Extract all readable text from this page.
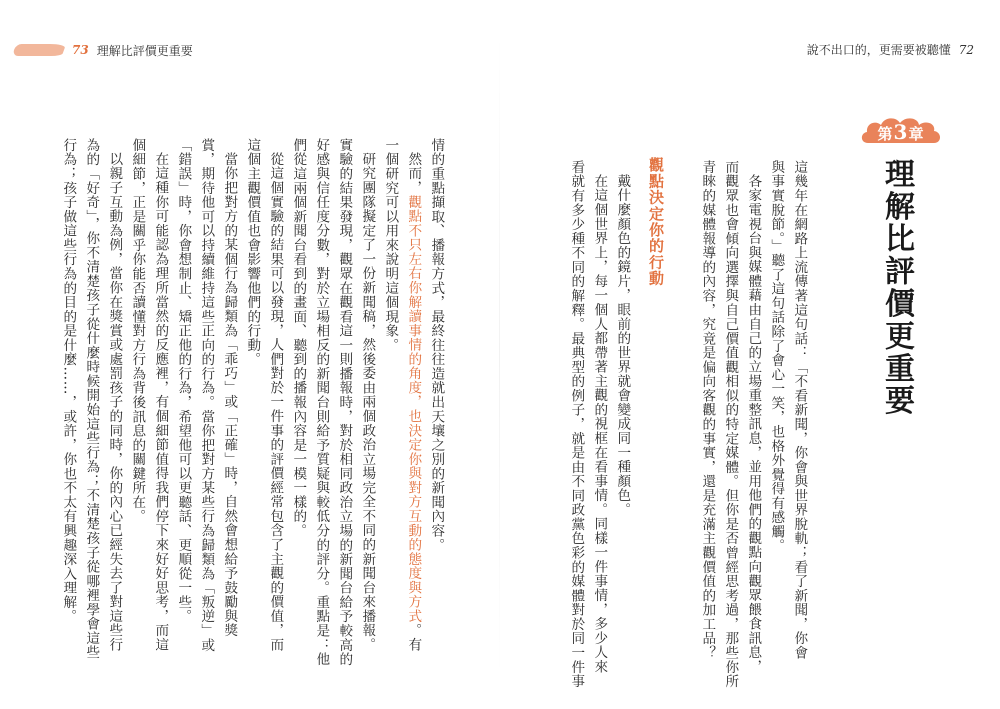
73 理解比評價更重要	說不出口的，更需要被聽懂 72
第3章
理解比評價更重要
這幾年在網路上流傳著這句話：「不看新聞，你會與世界脫軌；看了新聞，你會
與事實脫節。」聽了這句話除了會心一笑，也格外覺得有感觸。
各家電視台與媒體藉由自己的立場重整訊息，並用他們的觀點向觀眾餵食訊息，
而觀眾也會傾向選擇與自己價值觀相似的特定媒體。但你是否曾經思考過，那些你所
青睞的媒體報導的內容，究竟是偏向客觀的事實，還是充滿主觀價值的加工品？
觀點決定你的行動
戴什麼顏色的鏡片，眼前的世界就會變成同一種顏色。
在這個世界上，每一個人都帶著主觀的視框在看事情。同樣一件事情，多少人來
看就有多少種不同的解釋。最典型的例子，就是由不同政黨色彩的媒體對於同一件事
情的重點擷取、播報方式，最終往往造就出天壤之別的新聞內容。
然而，觀點不只左右你解讀事情的角度，也決定你與對方互動的態度與方式。有
一個研究可以用來說明這個現象。
研究團隊擬定了一份新聞稿，然後委由兩個政治立場完全不同的新聞台來播報。
實驗的結果發現，觀眾在觀看這一則播報時，對於相同政治立場的新聞台給予較高的
好感與信任度分數，對於立場相反的新聞台則給予質疑與較低分的評分。重點是：他
們從這兩個新聞台看到的畫面、聽到的播報內容是一模一樣的。
從這個實驗的結果可以發現，人們對於一件事的評價經常包含了主觀的價值，而
這個主觀價值也會影響他們的行動。
當你把對方的某個行為歸類為「乖巧」或「正確」時，自然會想給予鼓勵與獎
賞，期待他可以持續維持這些正向的行為。當你把對方某些行為歸類為「叛逆」或
「錯誤」時，你會想制止、矯正他的行為，希望他可以更聽話、更順從一些。
在這種你可能認為理所當然的反應裡，有個細節值得我們停下來好好思考，而這
個細節，正是關乎你能否讀懂對方行為背後訊息的關鍵所在。
以親子互動為例，當你在獎賞或處罰孩子的同時，你的內心已經失去了對這些行
為的「好奇」，你不清楚孩子從什麼時候開始這些行為；不清楚孩子從哪裡學會這些
行為；孩子做這些行為的目的是什麼……，或許，你也不太有興趣深入理解。
